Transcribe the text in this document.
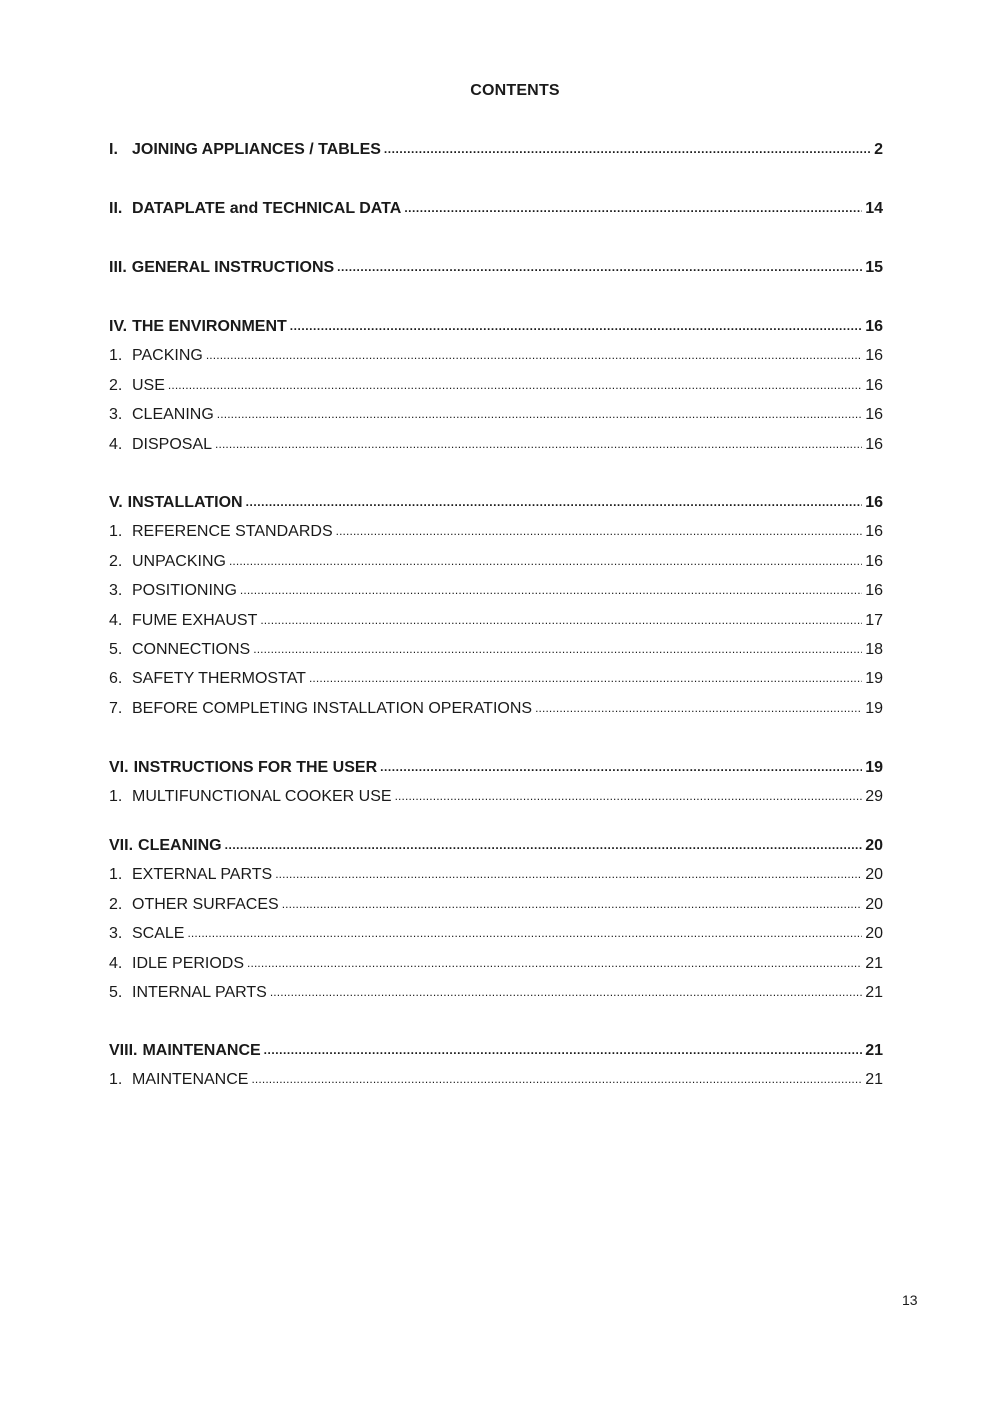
CONTENTS
I. JOINING APPLIANCES / TABLES . . .	2
II. DATAPLATE and TECHNICAL DATA . . .	14
III. GENERAL INSTRUCTIONS . . .	15
IV. THE ENVIRONMENT . . .	16
1. PACKING . . .	16
2. USE . . .	16
3. CLEANING . . .	16
4. DISPOSAL . . .	16
V. INSTALLATION . . .	16
1. REFERENCE STANDARDS . . .	16
2. UNPACKING . . .	16
3. POSITIONING . . .	16
4. FUME EXHAUST . . .	17
5. CONNECTIONS . . .	18
6. SAFETY THERMOSTAT . . .	19
7. BEFORE COMPLETING INSTALLATION OPERATIONS . . .	19
VI. INSTRUCTIONS FOR THE USER . . .	19
1. MULTIFUNCTIONAL COOKER USE . . .	29
VII. CLEANING . . .	20
1. EXTERNAL PARTS . . .	20
2. OTHER SURFACES . . .	20
3. SCALE . . .	20
4. IDLE PERIODS . . .	21
5. INTERNAL PARTS . . .	21
VIII. MAINTENANCE . . .	21
1. MAINTENANCE . . .	21
13
